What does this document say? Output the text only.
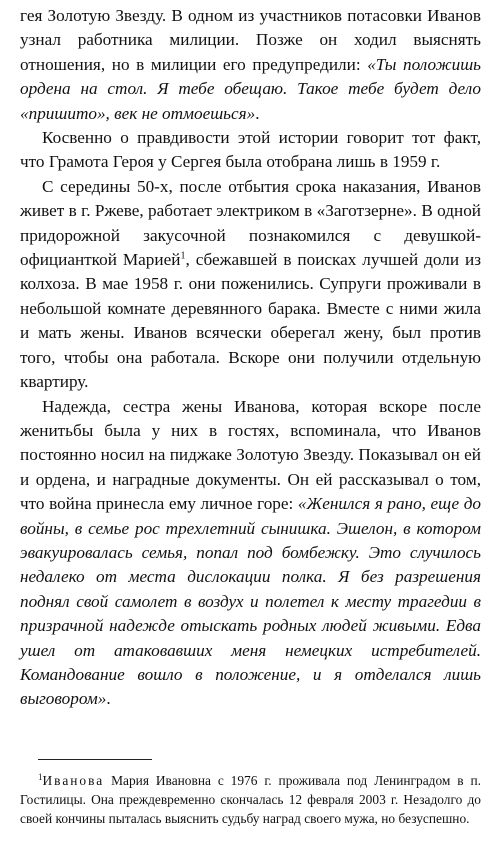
гея Золотую Звезду. В одном из участников потасовки Иванов узнал работника милиции. Позже он ходил выяснять отношения, но в милиции его предупредили: «Ты положишь ордена на стол. Я тебе обещаю. Такое тебе будет дело «пришито», век не отмоешься».

Косвенно о правдивости этой истории говорит тот факт, что Грамота Героя у Сергея была отобрана лишь в 1959 г.

С середины 50-х, после отбытия срока наказания, Иванов живет в г. Ржеве, работает электриком в «Заготзерне». В одной придорожной закусочной познакомился с девушкой-официанткой Марией$^1$, сбежавшей в поисках лучшей доли из колхоза. В мае 1958 г. они поженились. Супруги проживали в небольшой комнате деревянного барака. Вместе с ними жила и мать жены. Иванов всячески оберегал жену, был против того, чтобы она работала. Вскоре они получили отдельную квартиру.

Надежда, сестра жены Иванова, которая вскоре после женитьбы была у них в гостях, вспоминала, что Иванов постоянно носил на пиджаке Золотую Звезду. Показывал он ей и ордена, и наградные документы. Он ей рассказывал о том, что война принесла ему личное горе: «Женился я рано, еще до войны, в семье рос трехлетний сынишка. Эшелон, в котором эвакуировалась семья, попал под бомбежку. Это случилось недалеко от места дислокации полка. Я без разрешения поднял свой самолет в воздух и полетел к месту трагедии в призрачной надежде отыскать родных людей живыми. Едва ушел от атаковавших меня немецких истребителей. Командование вошло в положение, и я отделался лишь выговором».

$^1$Иванова Мария Ивановна с 1976 г. проживала под Ленинградом в п. Гостилицы. Она преждевременно скончалась 12 февраля 2003 г. Незадолго до своей кончины пыталась выяснить судьбу наград своего мужа, но безуспешно.
